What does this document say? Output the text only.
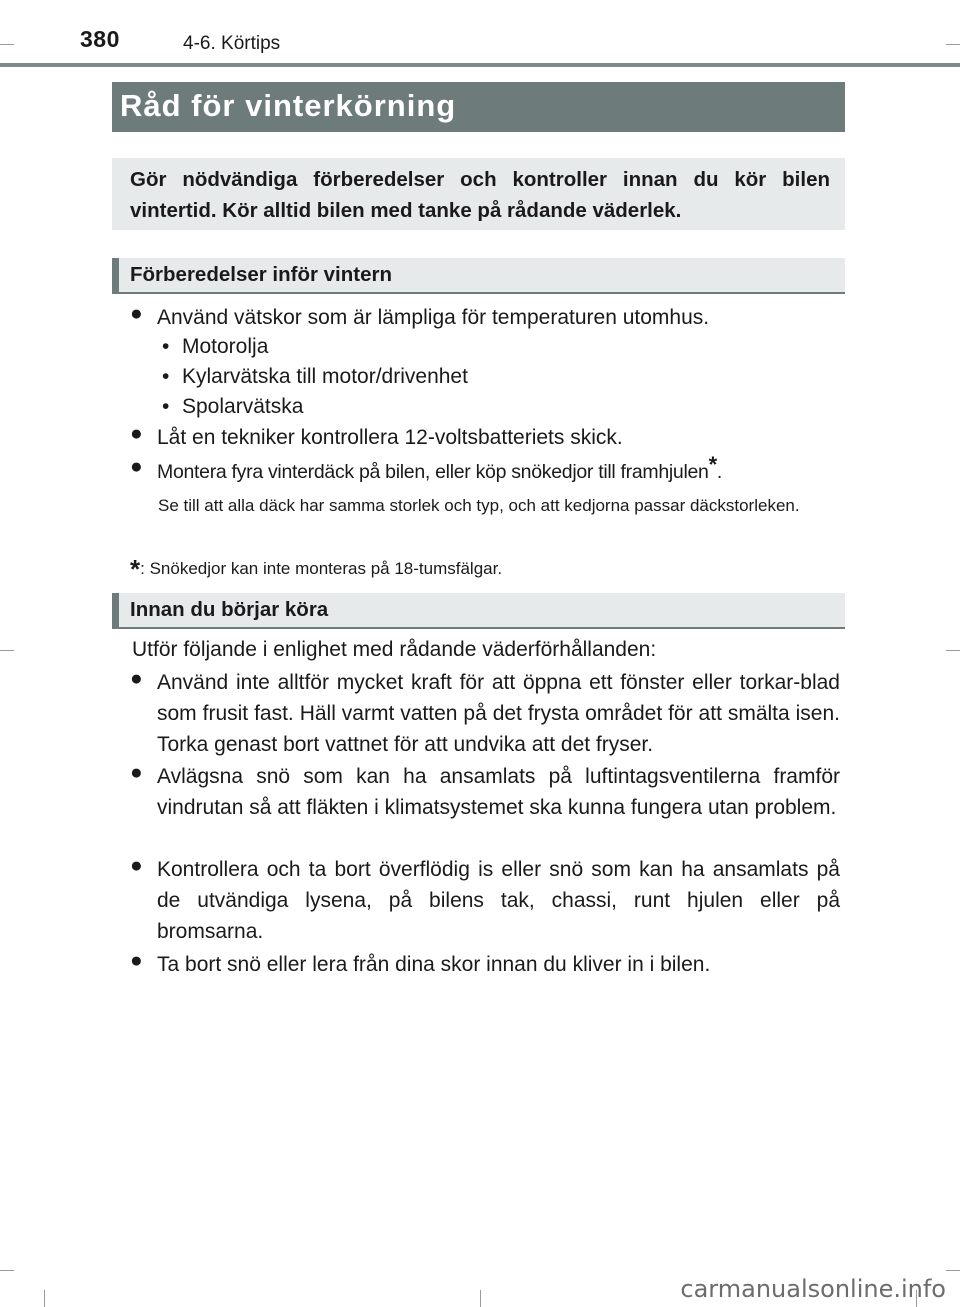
380	4-6. Körtips
Råd för vinterkörning

Gör nödvändiga förberedelser och kontroller innan du kör bilen vintertid. Kör alltid bilen med tanke på rådande väderlek.

Förberedelser inför vintern
● Använd vätskor som är lämpliga för temperaturen utomhus.

• Motorolja
• Kylarvätska till motor/drivenhet
• Spolarvätska
● Låt en tekniker kontrollera 12-voltsbatteriets skick.

● Montera fyra vinterdäck på bilen, eller köp snökedjor till framhjulen*.

Se till att alla däck har samma storlek och typ, och att kedjorna passar däckstorleken.

*: Snökedjor kan inte monteras på 18-tumsfälgar.
Innan du börjar köra
Utför följande i enlighet med rådande väderförhållanden:
● Använd inte alltför mycket kraft för att öppna ett fönster eller torkar-blad som frusit fast. Häll varmt vatten på det frysta området för att smälta isen. Torka genast bort vattnet för att undvika att det fryser.

● Avlägsna snö som kan ha ansamlats på luftintagsventilerna framför vindrutan så att fläkten i klimatsystemet ska kunna fungera utan problem.

● Kontrollera och ta bort överflödig is eller snö som kan ha ansamlats på de utvändiga lysena, på bilens tak, chassi, runt hjulen eller på bromsarna.

● Ta bort snö eller lera från dina skor innan du kliver in i bilen.

carmanualsonline.info
